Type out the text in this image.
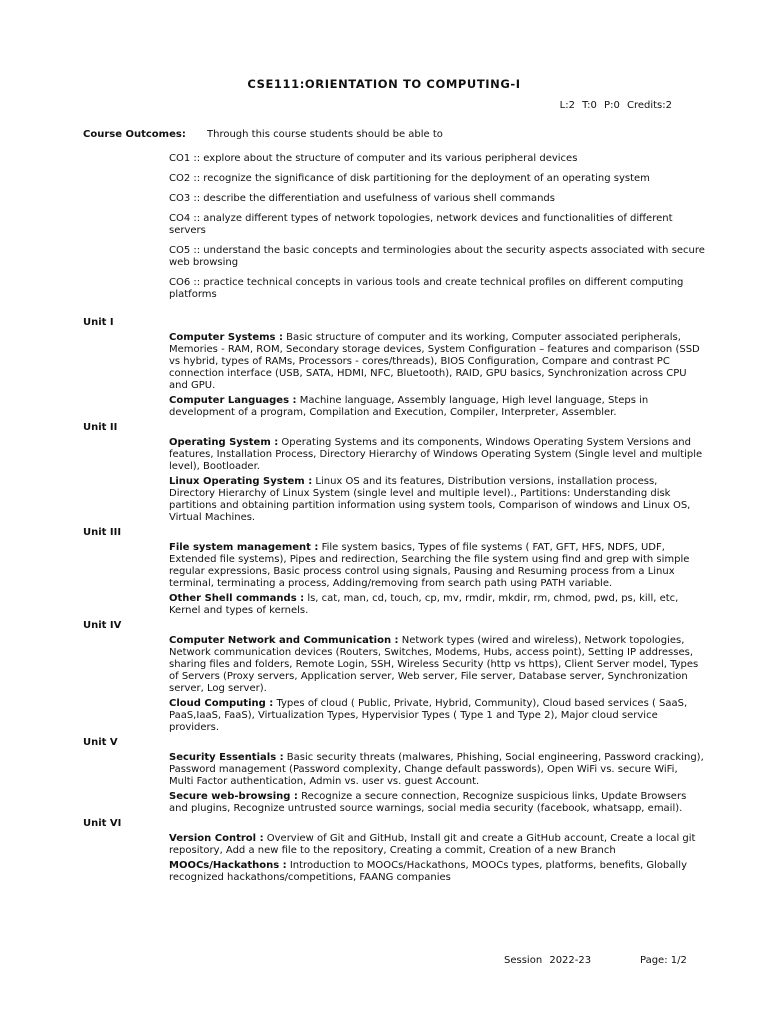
CSE111:ORIENTATION TO COMPUTING-I
L:2 T:0 P:0 Credits:2
Course Outcomes: Through this course students should be able to
CO1 :: explore about the structure of computer and its various peripheral devices
CO2 :: recognize the significance of disk partitioning for the deployment of an operating system
CO3 :: describe the differentiation and usefulness of various shell commands
CO4 :: analyze different types of network topologies, network devices and functionalities of different servers
CO5 :: understand the basic concepts and terminologies about the security aspects associated with secure web browsing
CO6 :: practice technical concepts in various tools and create technical profiles on different computing platforms
Unit I
Computer Systems : Basic structure of computer and its working, Computer associated peripherals, Memories - RAM, ROM, Secondary storage devices, System Configuration – features and comparison (SSD vs hybrid, types of RAMs, Processors - cores/threads), BIOS Configuration, Compare and contrast PC connection interface (USB, SATA, HDMI, NFC, Bluetooth), RAID, GPU basics, Synchronization across CPU and GPU.
Computer Languages : Machine language, Assembly language, High level language, Steps in development of a program, Compilation and Execution, Compiler, Interpreter, Assembler.
Unit II
Operating System : Operating Systems and its components, Windows Operating System Versions and features, Installation Process, Directory Hierarchy of Windows Operating System (Single level and multiple level), Bootloader.
Linux Operating System : Linux OS and its features, Distribution versions, installation process, Directory Hierarchy of Linux System (single level and multiple level)., Partitions: Understanding disk partitions and obtaining partition information using system tools, Comparison of windows and Linux OS, Virtual Machines.
Unit III
File system management : File system basics, Types of file systems ( FAT, GFT, HFS, NDFS, UDF, Extended file systems), Pipes and redirection, Searching the file system using find and grep with simple regular expressions, Basic process control using signals, Pausing and Resuming process from a Linux terminal, terminating a process, Adding/removing from search path using PATH variable.
Other Shell commands : ls, cat, man, cd, touch, cp, mv, rmdir, mkdir, rm, chmod, pwd, ps, kill, etc, Kernel and types of kernels.
Unit IV
Computer Network and Communication : Network types (wired and wireless), Network topologies, Network communication devices (Routers, Switches, Modems, Hubs, access point), Setting IP addresses, sharing files and folders, Remote Login, SSH, Wireless Security (http vs https), Client Server model, Types of Servers (Proxy servers, Application server, Web server, File server, Database server, Synchronization server, Log server).
Cloud Computing : Types of cloud ( Public, Private, Hybrid, Community), Cloud based services ( SaaS, PaaS,IaaS, FaaS), Virtualization Types, Hypervisior Types ( Type 1 and Type 2), Major cloud service providers.
Unit V
Security Essentials : Basic security threats (malwares, Phishing, Social engineering, Password cracking), Password management (Password complexity, Change default passwords), Open WiFi vs. secure WiFi, Multi Factor authentication, Admin vs. user vs. guest Account.
Secure web-browsing : Recognize a secure connection, Recognize suspicious links, Update Browsers and plugins, Recognize untrusted source warnings, social media security (facebook, whatsapp, email).
Unit VI
Version Control : Overview of Git and GitHub, Install git and create a GitHub account, Create a local git repository, Add a new file to the repository, Creating a commit, Creation of a new Branch
MOOCs/Hackathons : Introduction to MOOCs/Hackathons, MOOCs types, platforms, benefits, Globally recognized hackathons/competitions, FAANG companies
Session 2022-23	Page: 1/2
